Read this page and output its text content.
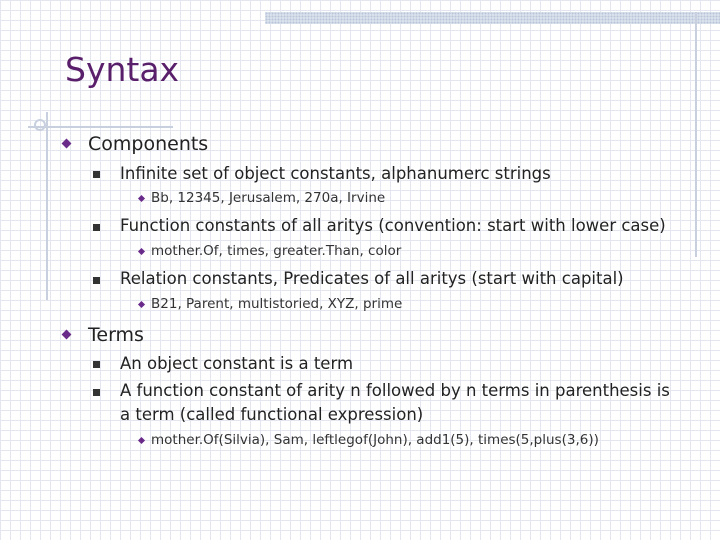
Syntax
Components
Infinite set of object constants, alphanumerc strings
Bb, 12345, Jerusalem, 270a, Irvine
Function constants of all aritys (convention: start with lower case)
mother.Of, times, greater.Than, color
Relation constants, Predicates of all aritys (start with capital)
B21, Parent, multistoried, XYZ, prime
Terms
An object constant is a term
A function constant of arity n followed by n terms in parenthesis is
a term (called functional expression)
mother.Of(Silvia), Sam, leftlegof(John), add1(5), times(5,plus(3,6))
